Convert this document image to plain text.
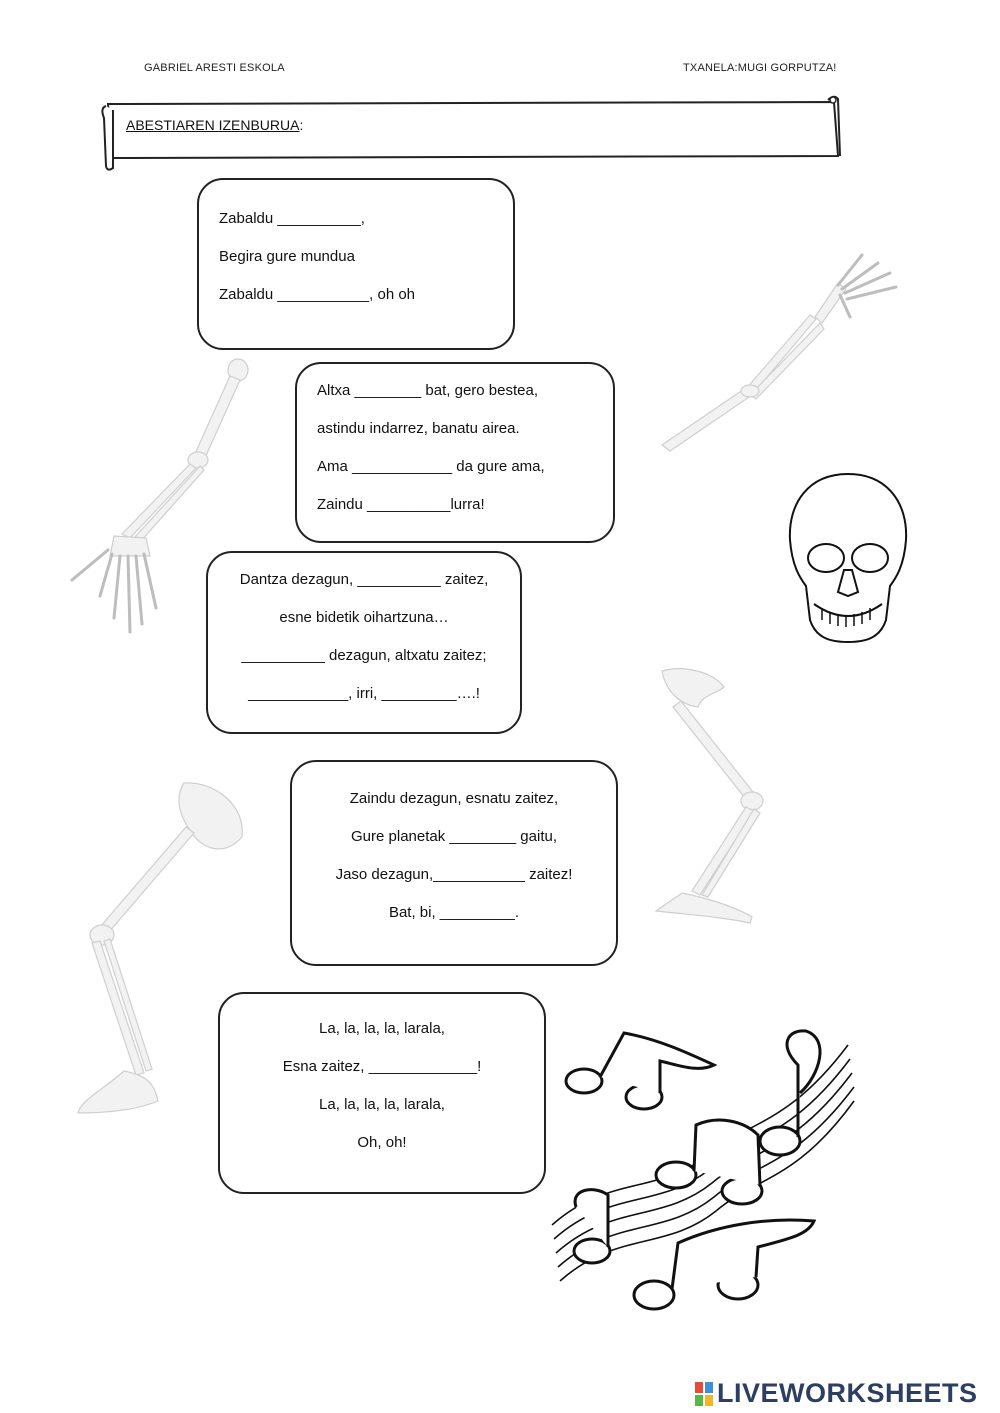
GABRIEL ARESTI ESKOLA	TXANELA:MUGI GORPUTZA!
ABESTIAREN IZENBURUA:
Zabaldu __________,
Begira gure mundua
Zabaldu ___________, oh oh
Altxa ________ bat, gero bestea,
astindu indarrez, banatu airea.
Ama ____________ da gure ama,
Zaindu __________lurra!
Dantza dezagun, __________ zaitez,
esne bidetik oihartzuna…
__________ dezagun, altxatu zaitez;
____________, irri, _________….!
Zaindu dezagun, esnatu zaitez,
Gure planetak ________ gaitu,
Jaso dezagun,___________ zaitez!
Bat, bi, _________.
La, la, la, la, larala,
Esna zaitez, _____________!
La, la, la, la, larala,
Oh, oh!
LIVEWORKSHEETS
